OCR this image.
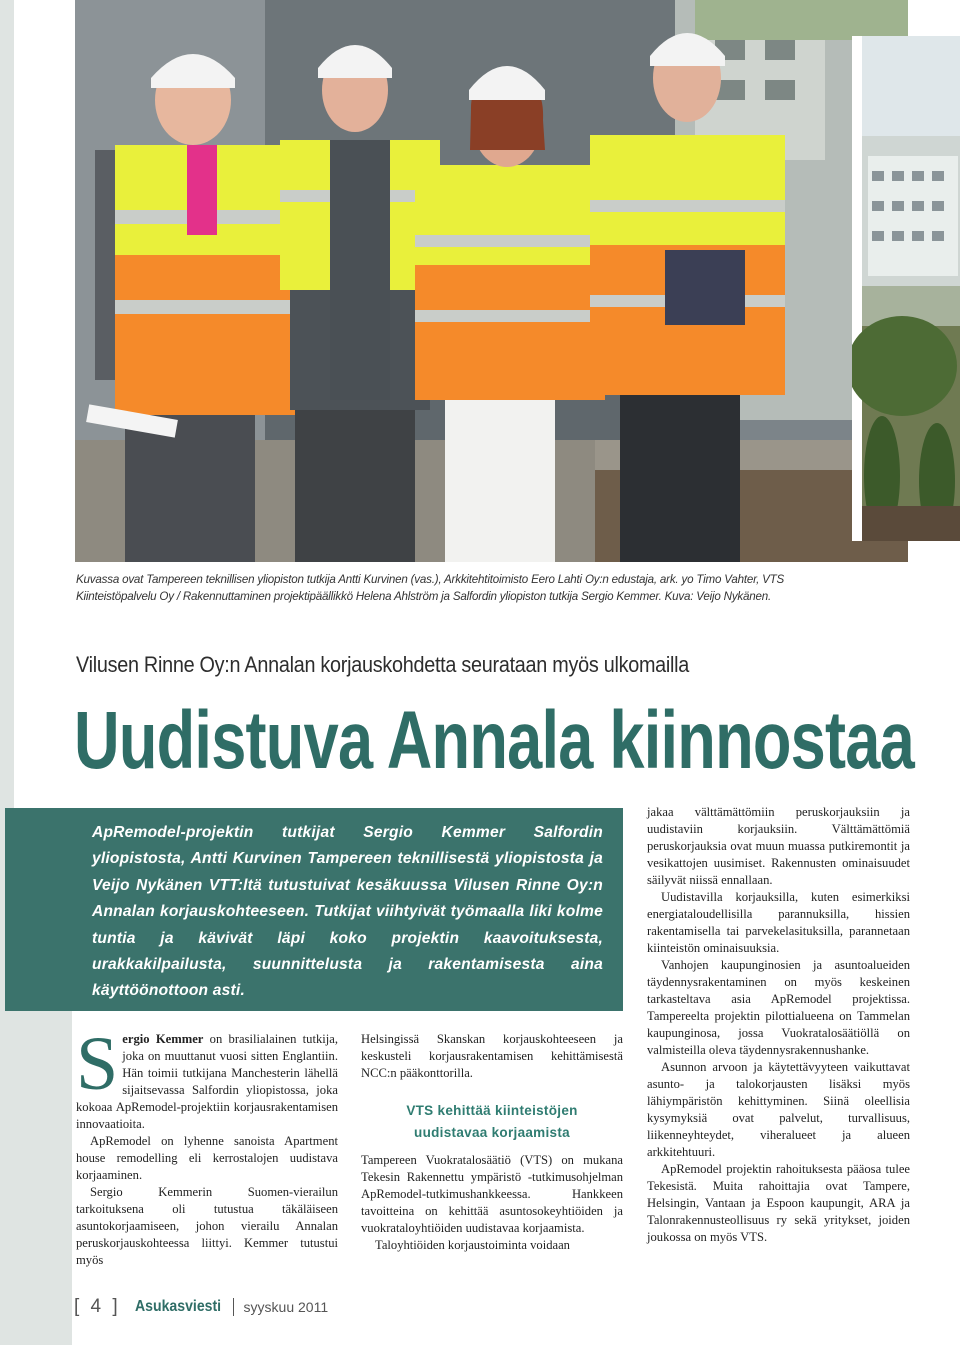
Kuvassa ovat Tampereen teknillisen yliopiston tutkija Antti Kurvinen (vas.), Arkkitehtitoimisto Eero Lahti Oy:n edustaja, ark. yo Timo Vahter, VTS Kiinteistöpalvelu Oy / Rakennuttaminen projektipäällikkö Helena Ahlström ja Salfordin yliopiston tutkija Sergio Kemmer. Kuva: Veijo Nykänen.
Vilusen Rinne Oy:n Annalan korjauskohdetta seurataan myös ulkomailla
Uudistuva Annala kiinnostaa

ApRemodel-projektin tutkijat Sergio Kemmer Salfordin yliopistosta, Antti Kurvinen Tampereen teknillisestä yliopistosta ja Veijo Nykänen VTT:ltä tutustuivat kesäkuussa Vilusen Rinne Oy:n Annalan korjauskohteeseen. Tutkijat viihtyivät työmaalla liki kolme tuntia ja kävivät läpi koko projektin kaavoituksesta, urakkakilpailusta, suunnittelusta ja rakentamisesta aina käyttöönottoon asti.

Sergio Kemmer on brasilialainen tutkija, joka on muuttanut vuosi sitten Englantiin. Hän toimii tutkijana Manchesterin lähellä sijaitsevassa Salfordin yliopistossa, joka kokoaa ApRemodel-projektiin korjausrakentamisen innovaatioita.

ApRemodel on lyhenne sanoista Apartment house remodelling eli kerrostalojen uudistava korjaaminen.

Sergio Kemmerin Suomen-vierailun tarkoituksena oli tutustua täkäläiseen asuntokorjaamiseen, johon vierailu Annalan peruskorjauskohteessa liittyi. Kemmer tutustui myös

Helsingissä Skanskan korjauskohteeseen ja keskusteli korjausrakentamisen kehittämisestä NCC:n pääkonttorilla.

VTS kehittää kiinteistöjen
uudistavaa korjaamista

Tampereen Vuokratalosäätiö (VTS) on mukana Tekesin Rakennettu ympäristö -tutkimusohjelman ApRemodel-tutkimushankkeessa. Hankkeen tavoitteina on kehittää asuntosokeyhtiöiden ja vuokrataloyhtiöiden uudistavaa korjaamista.

Taloyhtiöiden korjaustoiminta voidaan

jakaa välttämättömiin peruskorjauksiin ja uudistaviin korjauksiin. Välttämättömiä peruskorjauksia ovat muun muassa putkiremontit ja vesikattojen uusimiset. Rakennusten ominaisuudet säilyvät niissä ennallaan.

Uudistavilla korjauksilla, kuten esimerkiksi energiataloudellisilla parannuksilla, hissien rakentamisella tai parvekelasituksilla, parannetaan kiinteistön ominaisuuksia.

Vanhojen kaupunginosien ja asuntoalueiden täydennysrakentaminen on myös keskeinen tarkasteltava asia ApRemodel projektissa. Tampereelta projektin pilottialueena on Tammelan kaupunginosa, jossa Vuokratalosäätiöllä on valmisteilla oleva täydennysrakennushanke.

Asunnon arvoon ja käytettävyyteen vaikuttavat asunto- ja talokorjausten lisäksi myös lähiympäristön kehittyminen. Siinä oleellisia kysymyksiä ovat palvelut, turvallisuus, liikenneyhteydet, viheralueet ja alueen arkkitehtuuri.

ApRemodel projektin rahoituksesta pääosa tulee Tekesistä. Muita rahoittajia ovat Tampere, Helsingin, Vantaan ja Espoon kaupungit, ARA ja Talonrakennusteollisuus ry sekä yritykset, joiden joukossa on myös VTS.

[ 4 ] Asukasviesti syyskuu 2011
